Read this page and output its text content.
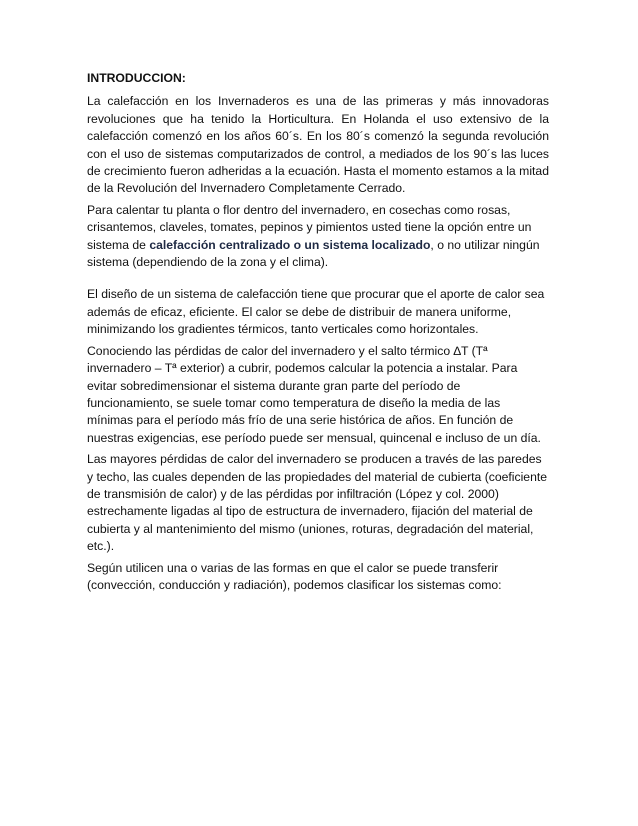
INTRODUCCION:

La calefacción en los Invernaderos es una de las primeras y más innovadoras revoluciones que ha tenido la Horticultura. En Holanda el uso extensivo de la calefacción comenzó en los años 60´s. En los 80´s comenzó la segunda revolución con el uso de sistemas computarizados de control, a mediados de los 90´s las luces de crecimiento fueron adheridas a la ecuación. Hasta el momento estamos a la mitad de la Revolución del Invernadero Completamente Cerrado.

Para calentar tu planta o flor dentro del invernadero, en cosechas como rosas, crisantemos, claveles, tomates, pepinos y pimientos usted tiene la opción entre un sistema de calefacción centralizado o un sistema localizado, o no utilizar ningún sistema (dependiendo de la zona y el clima).

El diseño de un sistema de calefacción tiene que procurar que el aporte de calor sea además de eficaz, eficiente. El calor se debe de distribuir de manera uniforme, minimizando los gradientes térmicos, tanto verticales como horizontales.

Conociendo las pérdidas de calor del invernadero y el salto térmico ∆T (Tª invernadero – Tª exterior) a cubrir, podemos calcular la potencia a instalar. Para evitar sobredimensionar el sistema durante gran parte del período de funcionamiento, se suele tomar como temperatura de diseño la media de las mínimas para el período más frío de una serie histórica de años. En función de nuestras exigencias, ese período puede ser mensual, quincenal e incluso de un día.

Las mayores pérdidas de calor del invernadero se producen a través de las paredes y techo, las cuales dependen de las propiedades del material de cubierta (coeficiente de transmisión de calor) y de las pérdidas por infiltración (López y col. 2000) estrechamente ligadas al tipo de estructura de invernadero, fijación del material de cubierta y al mantenimiento del mismo (uniones, roturas, degradación del material, etc.).

Según utilicen una o varias de las formas en que el calor se puede transferir (convección, conducción y radiación), podemos clasificar los sistemas como:
